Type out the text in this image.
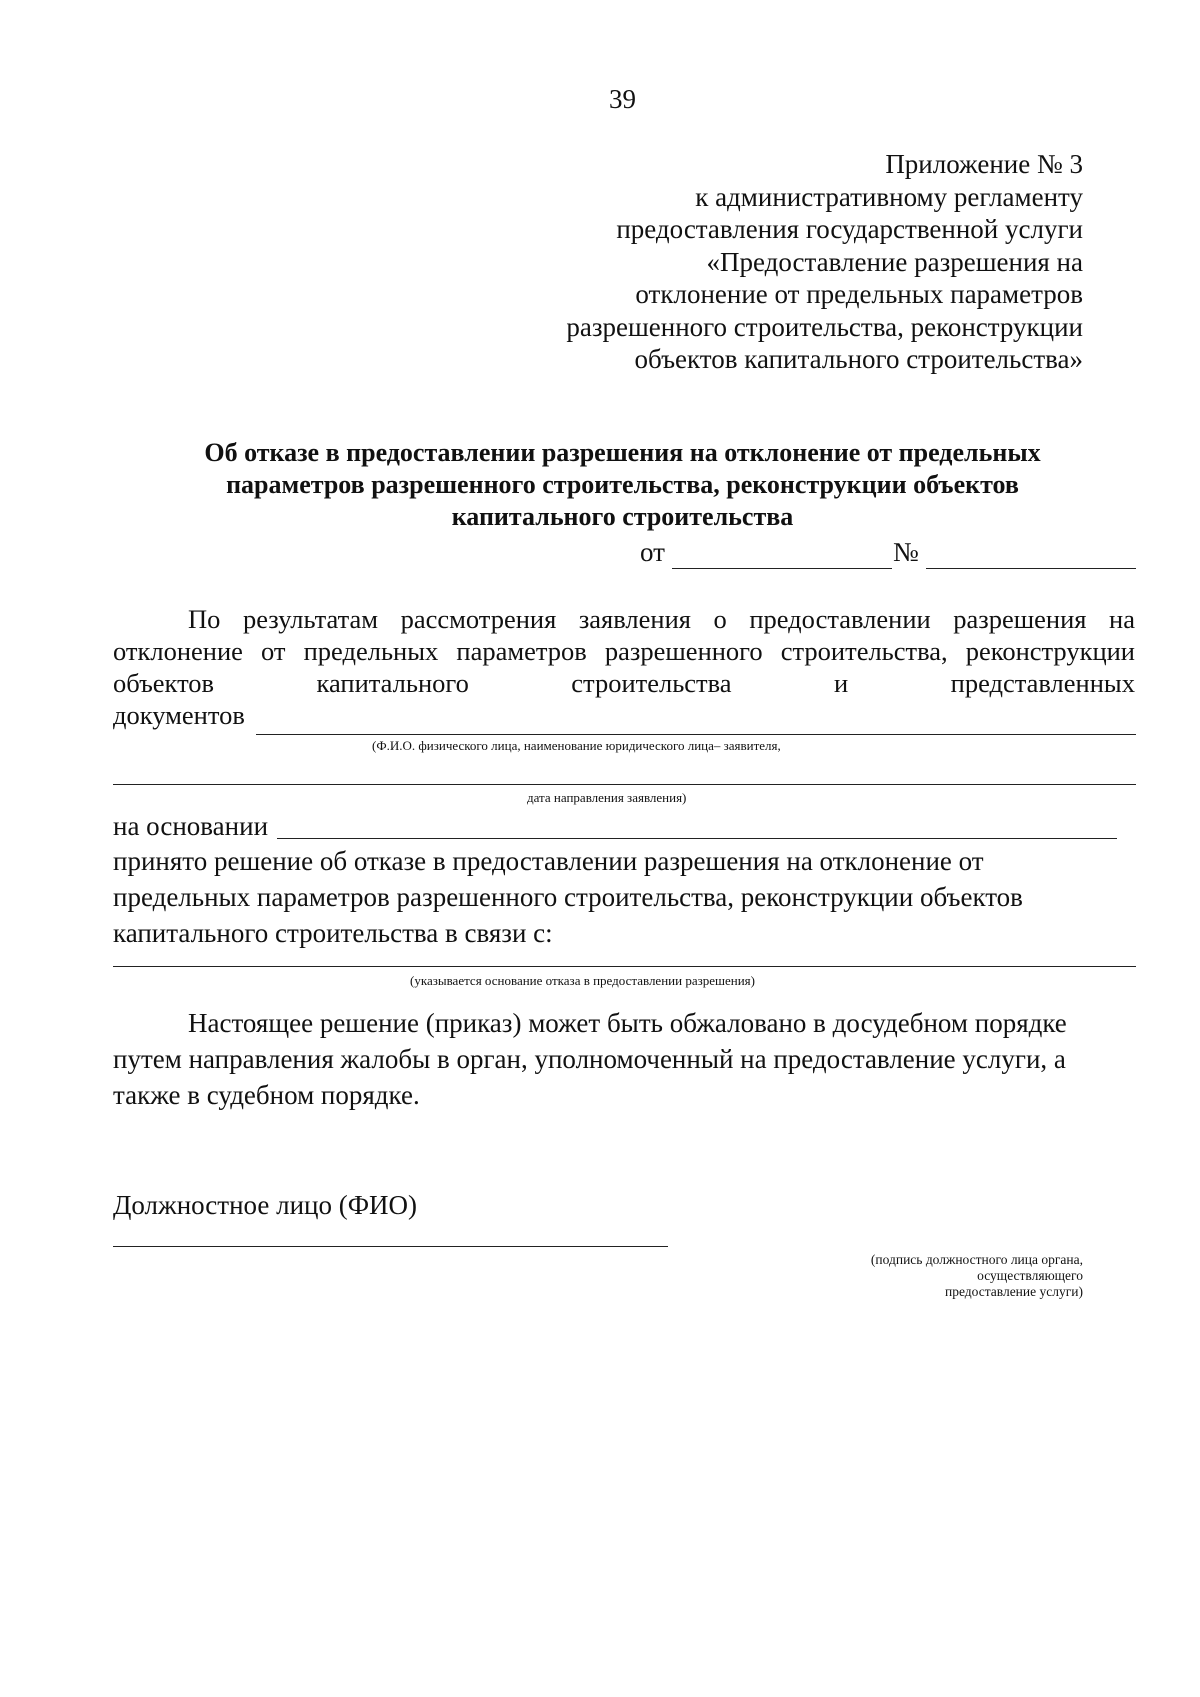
39
Приложение № 3
к административному регламенту
предоставления государственной услуги
«Предоставление разрешения на
отклонение от предельных параметров
разрешенного строительства, реконструкции
объектов капитального строительства»
Об отказе в предоставлении разрешения на отклонение от предельных
параметров разрешенного строительства, реконструкции объектов
капитального строительства
от	№
По результатам рассмотрения заявления о предоставлении разрешения на
отклонение от предельных параметров разрешенного строительства, реконструкции
объектов	капитального	строительства	и	представленных
документов
(Ф.И.О. физического лица, наименование юридического лица– заявителя,
дата направления заявления)
на основании
принято решение об отказе в предоставлении разрешения на отклонение от
предельных параметров разрешенного строительства, реконструкции объектов
капитального строительства в связи с:
(указывается основание отказа в предоставлении разрешения)
Настоящее решение (приказ) может быть обжаловано в досудебном порядке
путем направления жалобы в орган, уполномоченный на предоставление услуги, а
также в судебном порядке.
Должностное лицо (ФИО)
(подпись должностного лица органа,
осуществляющего
предоставление услуги)
